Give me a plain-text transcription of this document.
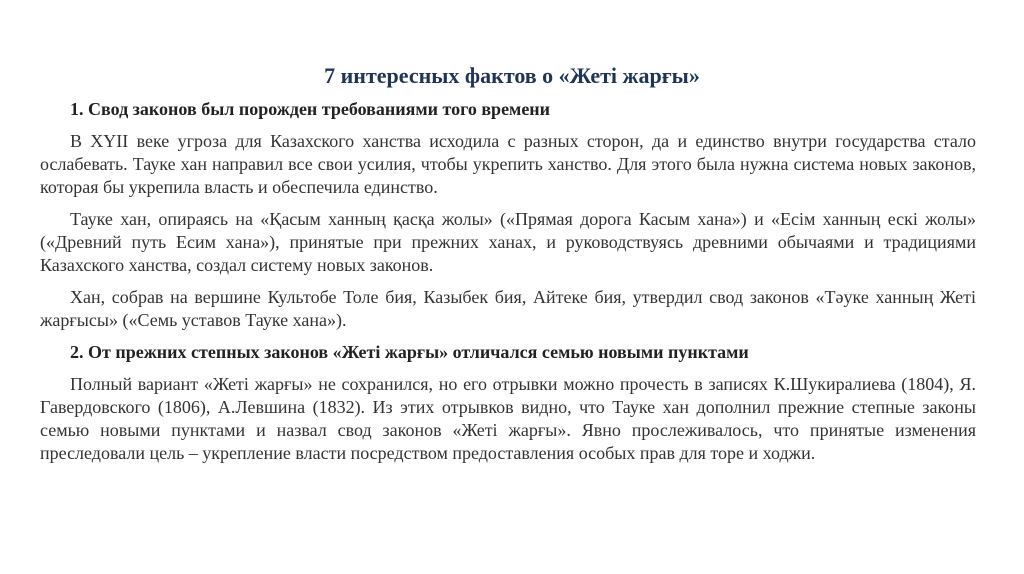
7 интересных фактов о «Жеті жарғы»

1. Свод законов был порожден требованиями того времени

В XYII веке угроза для Казахского ханства исходила с разных сторон, да и единство внутри государства стало ослабевать. Тауке хан направил все свои усилия, чтобы укрепить ханство. Для этого была нужна система новых законов, которая бы укрепила власть и обеспечила единство.

Тауке хан, опираясь на «Қасым ханның қасқа жолы» («Прямая дорога Касым хана») и «Есім ханның ескі жолы» («Древний путь Есим хана»), принятые при прежних ханах, и руководствуясь древними обычаями и традициями Казахского ханства, создал систему новых законов.

Хан, собрав на вершине Культобе Толе бия, Казыбек бия, Айтеке бия, утвердил свод законов «Тәуке ханның Жеті жарғысы» («Семь уставов Тауке хана»).

2. От прежних степных законов «Жеті жарғы» отличался семью новыми пунктами

Полный вариант «Жеті жарғы» не сохранился, но его отрывки можно прочесть в записях К.Шукиралиева (1804), Я. Гавердовского (1806), А.Левшина (1832). Из этих отрывков видно, что Тауке хан дополнил прежние степные законы семью новыми пунктами и назвал свод законов «Жеті жарғы». Явно прослеживалось, что принятые изменения преследовали цель – укрепление власти посредством предоставления особых прав для торе и ходжи.
